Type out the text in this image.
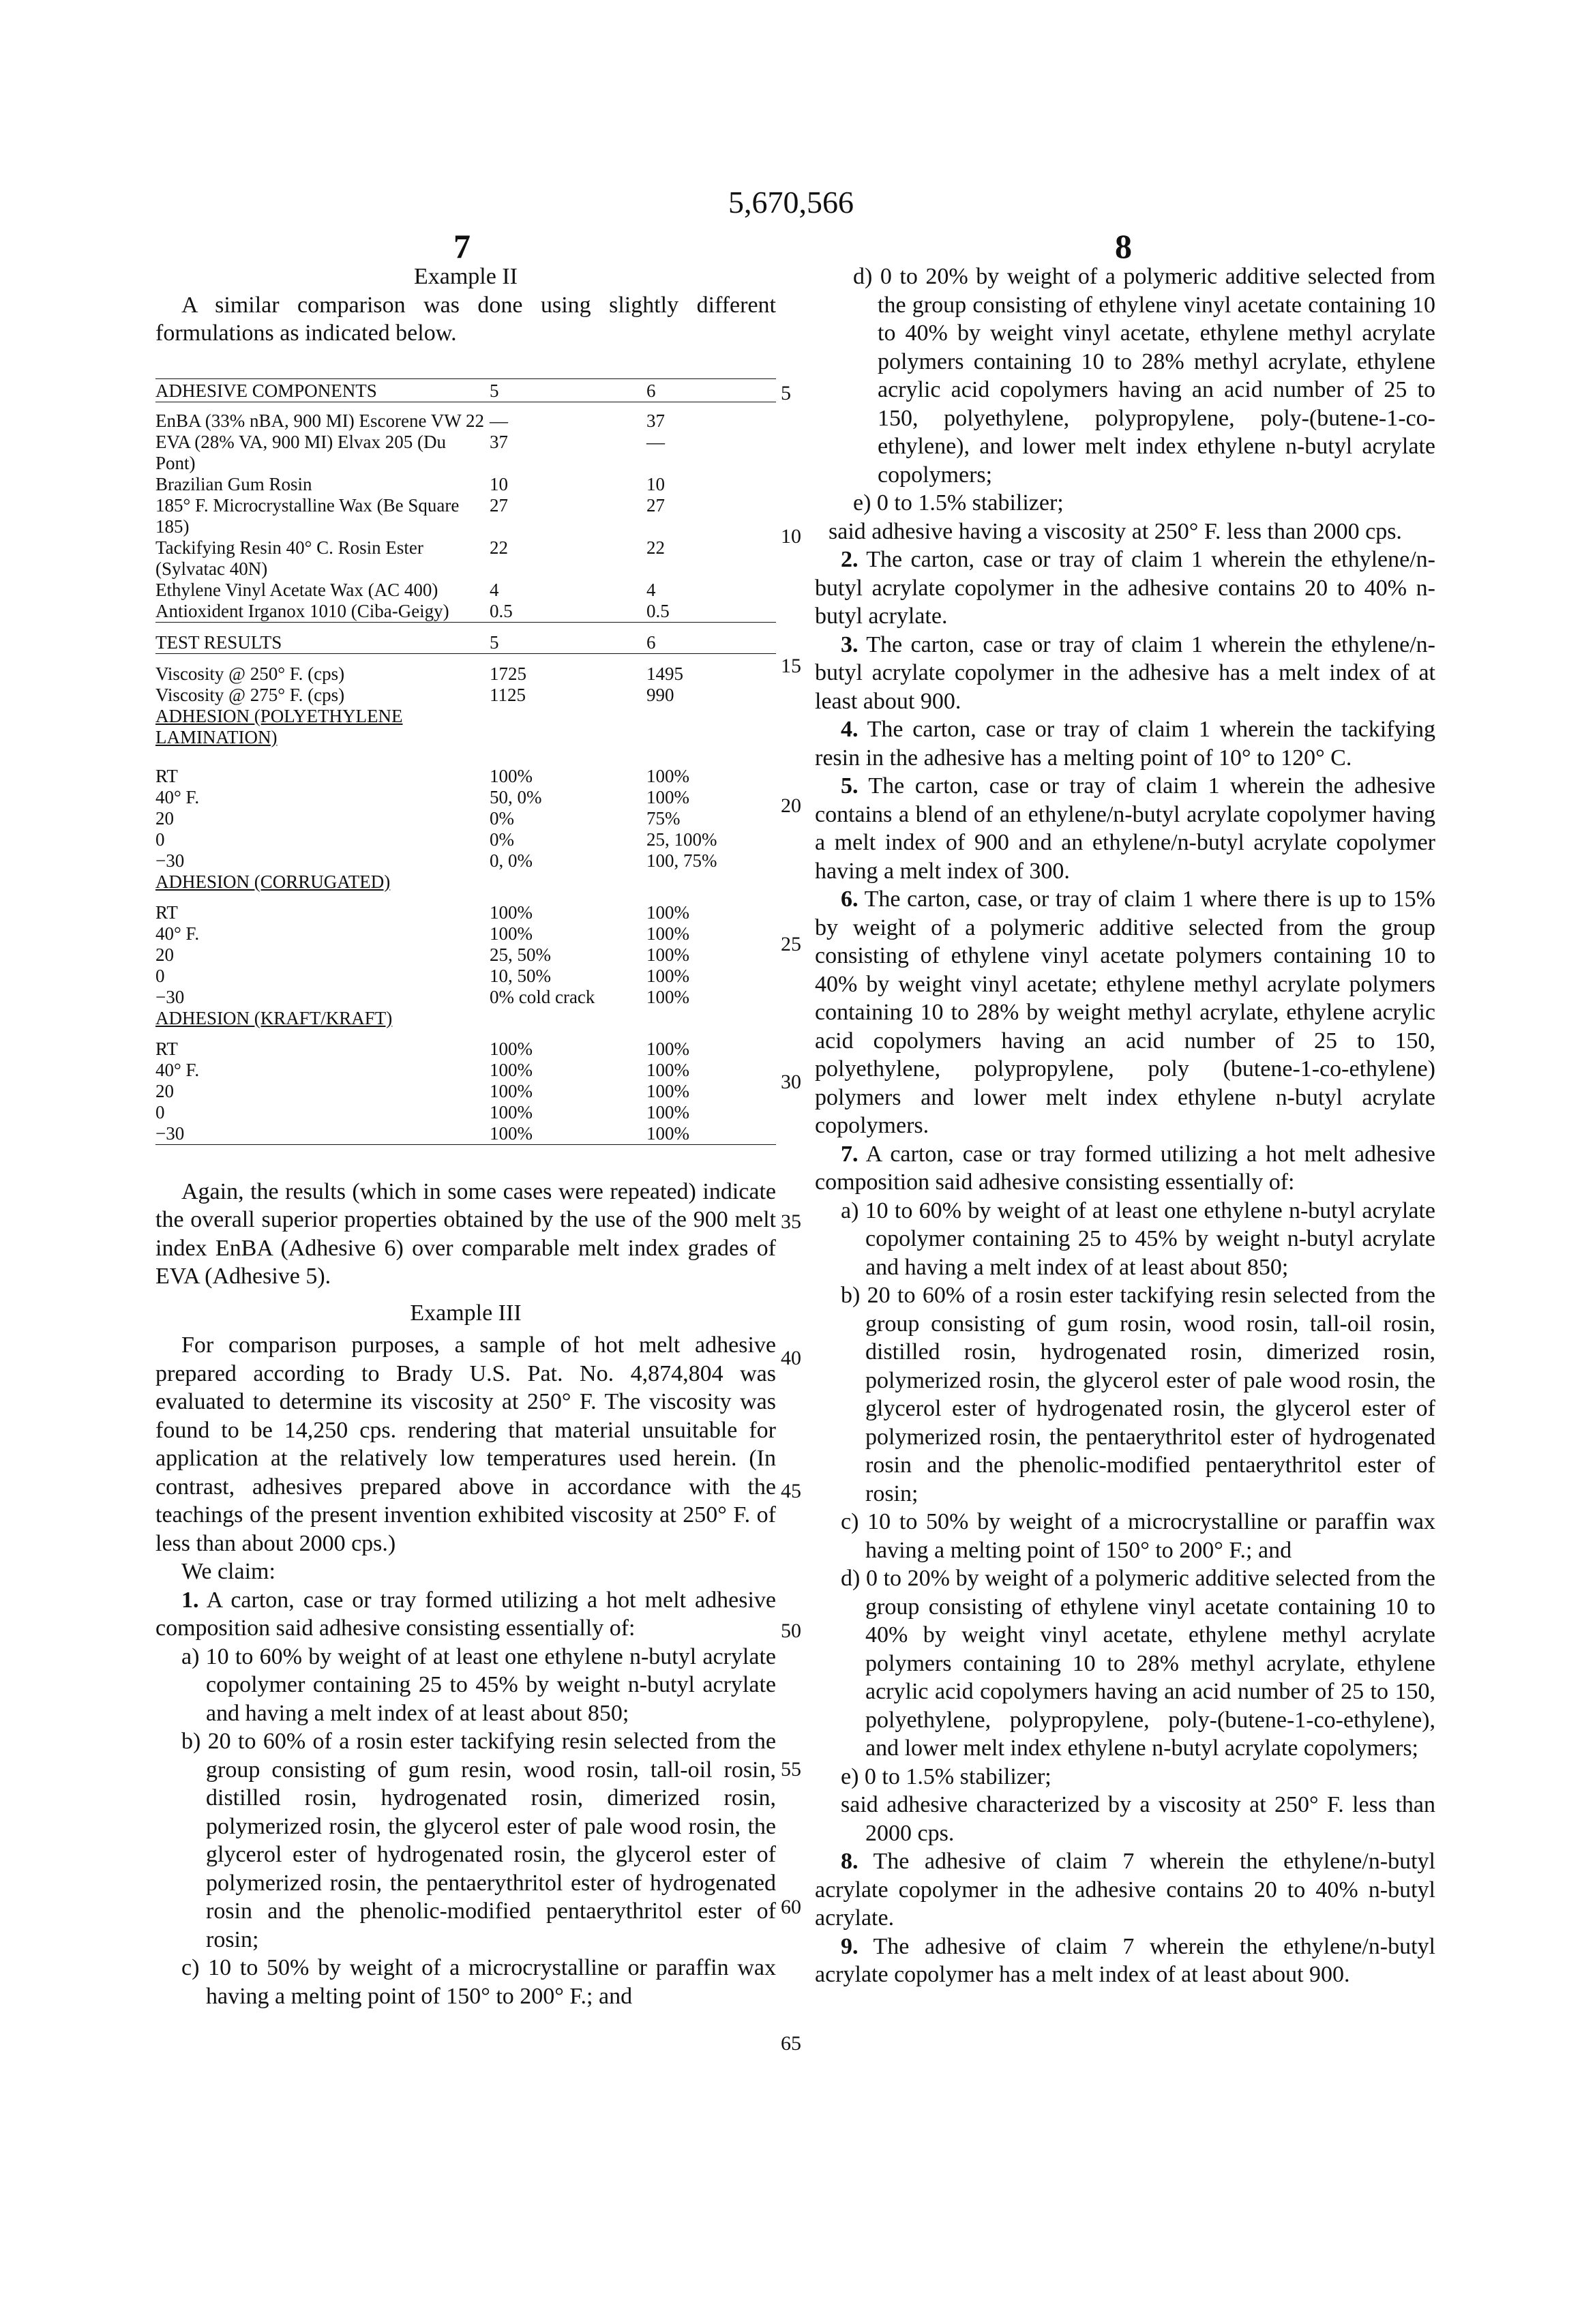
5,670,566
7	8

Example II

A similar comparison was done using slightly different formulations as indicated below.

ADHESIVE COMPONENTS	5	6

EnBA (33% nBA, 900 MI) Escorene VW 22	—	37
EVA (28% VA, 900 MI) Elvax 205 (Du Pont)	37	—
Brazilian Gum Rosin	10	10
185° F. Microcrystalline Wax (Be Square 185)	27	27
Tackifying Resin 40° C. Rosin Ester (Sylvatac 40N)	22	22
Ethylene Vinyl Acetate Wax (AC 400)	4	4
Antioxident Irganox 1010 (Ciba-Geigy)	0.5	0.5

TEST RESULTS	5	6

Viscosity @ 250° F. (cps)	1725	1495
Viscosity @ 275° F. (cps)	1125	990
ADHESION (POLYETHYLENE LAMINATION)

RT	100%	100%
40° F.	50, 0%	100%
20	0%	75%
0	0%	25, 100%
−30	0, 0%	100, 75%
ADHESION (CORRUGATED)

RT	100%	100%
40° F.	100%	100%
20	25, 50%	100%
0	10, 50%	100%
−30	0% cold crack	100%
ADHESION (KRAFT/KRAFT)

RT	100%	100%
40° F.	100%	100%
20	100%	100%
0	100%	100%
−30	100%	100%

Again, the results (which in some cases were repeated) indicate the overall superior properties obtained by the use of the 900 melt index EnBA (Adhesive 6) over comparable melt index grades of EVA (Adhesive 5).

Example III

For comparison purposes, a sample of hot melt adhesive prepared according to Brady U.S. Pat. No. 4,874,804 was evaluated to determine its viscosity at 250° F. The viscosity was found to be 14,250 cps. rendering that material unsuitable for application at the relatively low temperatures used herein. (In contrast, adhesives prepared above in accordance with the teachings of the present invention exhibited viscosity at 250° F. of less than about 2000 cps.)

We claim:

1. A carton, case or tray formed utilizing a hot melt adhesive composition said adhesive consisting essentially of:

a) 10 to 60% by weight of at least one ethylene n-butyl acrylate copolymer containing 25 to 45% by weight n-butyl acrylate and having a melt index of at least about 850;

b) 20 to 60% of a rosin ester tackifying resin selected from the group consisting of gum resin, wood rosin, tall-oil rosin, distilled rosin, hydrogenated rosin, dimerized rosin, polymerized rosin, the glycerol ester of pale wood rosin, the glycerol ester of hydrogenated rosin, the glycerol ester of polymerized rosin, the pentaerythritol ester of hydrogenated rosin and the phenolic-modified pentaerythritol ester of rosin;

c) 10 to 50% by weight of a microcrystalline or paraffin wax having a melting point of 150° to 200° F.; and

5
10
15
20
25
30
35
40
45
50
55
60
65

d) 0 to 20% by weight of a polymeric additive selected from the group consisting of ethylene vinyl acetate containing 10 to 40% by weight vinyl acetate, ethylene methyl acrylate polymers containing 10 to 28% methyl acrylate, ethylene acrylic acid copolymers having an acid number of 25 to 150, polyethylene, polypropylene, poly-(butene-1-co-ethylene), and lower melt index ethylene n-butyl acrylate copolymers;

e) 0 to 1.5% stabilizer;

said adhesive having a viscosity at 250° F. less than 2000 cps.

2. The carton, case or tray of claim 1 wherein the ethylene/n-butyl acrylate copolymer in the adhesive contains 20 to 40% n-butyl acrylate.

3. The carton, case or tray of claim 1 wherein the ethylene/n-butyl acrylate copolymer in the adhesive has a melt index of at least about 900.

4. The carton, case or tray of claim 1 wherein the tackifying resin in the adhesive has a melting point of 10° to 120° C.

5. The carton, case or tray of claim 1 wherein the adhesive contains a blend of an ethylene/n-butyl acrylate copolymer having a melt index of 900 and an ethylene/n-butyl acrylate copolymer having a melt index of 300.

6. The carton, case, or tray of claim 1 where there is up to 15% by weight of a polymeric additive selected from the group consisting of ethylene vinyl acetate polymers containing 10 to 40% by weight vinyl acetate; ethylene methyl acrylate polymers containing 10 to 28% by weight methyl acrylate, ethylene acrylic acid copolymers having an acid number of 25 to 150, polyethylene, polypropylene, poly (butene-1-co-ethylene) polymers and lower melt index ethylene n-butyl acrylate copolymers.

7. A carton, case or tray formed utilizing a hot melt adhesive composition said adhesive consisting essentially of:

a) 10 to 60% by weight of at least one ethylene n-butyl acrylate copolymer containing 25 to 45% by weight n-butyl acrylate and having a melt index of at least about 850;

b) 20 to 60% of a rosin ester tackifying resin selected from the group consisting of gum rosin, wood rosin, tall-oil rosin, distilled rosin, hydrogenated rosin, dimerized rosin, polymerized rosin, the glycerol ester of pale wood rosin, the glycerol ester of hydrogenated rosin, the glycerol ester of polymerized rosin, the pentaerythritol ester of hydrogenated rosin and the phenolic-modified pentaerythritol ester of rosin;

c) 10 to 50% by weight of a microcrystalline or paraffin wax having a melting point of 150° to 200° F.; and

d) 0 to 20% by weight of a polymeric additive selected from the group consisting of ethylene vinyl acetate containing 10 to 40% by weight vinyl acetate, ethylene methyl acrylate polymers containing 10 to 28% methyl acrylate, ethylene acrylic acid copolymers having an acid number of 25 to 150, polyethylene, polypropylene, poly-(butene-1-co-ethylene), and lower melt index ethylene n-butyl acrylate copolymers;

e) 0 to 1.5% stabilizer;

said adhesive characterized by a viscosity at 250° F. less than 2000 cps.

8. The adhesive of claim 7 wherein the ethylene/n-butyl acrylate copolymer in the adhesive contains 20 to 40% n-butyl acrylate.

9. The adhesive of claim 7 wherein the ethylene/n-butyl acrylate copolymer has a melt index of at least about 900.
